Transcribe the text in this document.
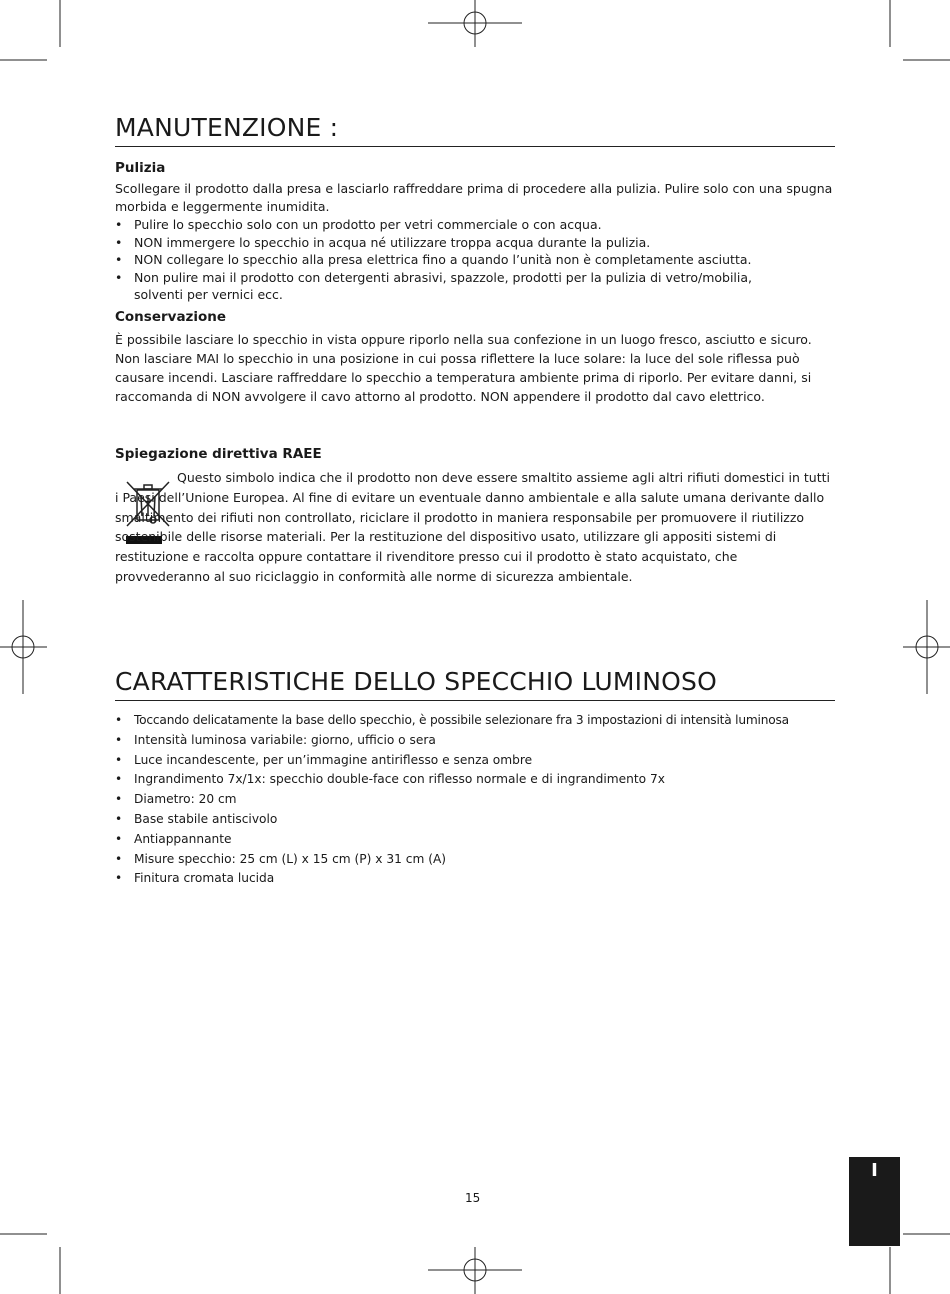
MANUTENZIONE :
Pulizia

Scollegare il prodotto dalla presa e lasciarlo raffreddare prima di procedere alla pulizia. Pulire solo con una spugna morbida e leggermente inumidita.

• Pulire lo specchio solo con un prodotto per vetri commerciale o con acqua.
• NON immergere lo specchio in acqua né utilizzare troppa acqua durante la pulizia.
• NON collegare lo specchio alla presa elettrica fino a quando l’unità non è completamente asciutta.
• Non pulire mai il prodotto con detergenti abrasivi, spazzole, prodotti per la pulizia di vetro/mobilia, solventi per vernici ecc.
Conservazione

È possibile lasciare lo specchio in vista oppure riporlo nella sua confezione in un luogo fresco, asciutto e sicuro. Non lasciare MAI lo specchio in una posizione in cui possa riflettere la luce solare: la luce del sole riflessa può causare incendi. Lasciare raffreddare lo specchio a temperatura ambiente prima di riporlo. Per evitare danni, si raccomanda di NON avvolgere il cavo attorno al prodotto. NON appendere il prodotto dal cavo elettrico.

Spiegazione direttiva RAEE

Questo simbolo indica che il prodotto non deve essere smaltito assieme agli altri rifiuti domestici in tutti i Paesi dell’Unione Europea. Al fine di evitare un eventuale danno ambientale e alla salute umana derivante dallo smaltimento dei rifiuti non controllato, riciclare il prodotto in maniera responsabile per promuovere il riutilizzo sostenibile delle risorse materiali. Per la restituzione del dispositivo usato, utilizzare gli appositi sistemi di restituzione e raccolta oppure contattare il rivenditore presso cui il prodotto è stato acquistato, che provvederanno al suo riciclaggio in conformità alle norme di sicurezza ambientale.

CARATTERISTICHE DELLO SPECCHIO LUMINOSO
• Toccando delicatamente la base dello specchio, è possibile selezionare fra 3 impostazioni di intensità luminosa
• Intensità luminosa variabile: giorno, ufficio o sera
• Luce incandescente, per un’immagine antiriflesso e senza ombre
• Ingrandimento 7x/1x: specchio double-face con riflesso normale e di ingrandimento 7x
• Diametro: 20 cm
• Base stabile antiscivolo
• Antiappannante
• Misure specchio: 25 cm (L) x 15 cm (P) x 31 cm (A)
• Finitura cromata lucida
15
I
